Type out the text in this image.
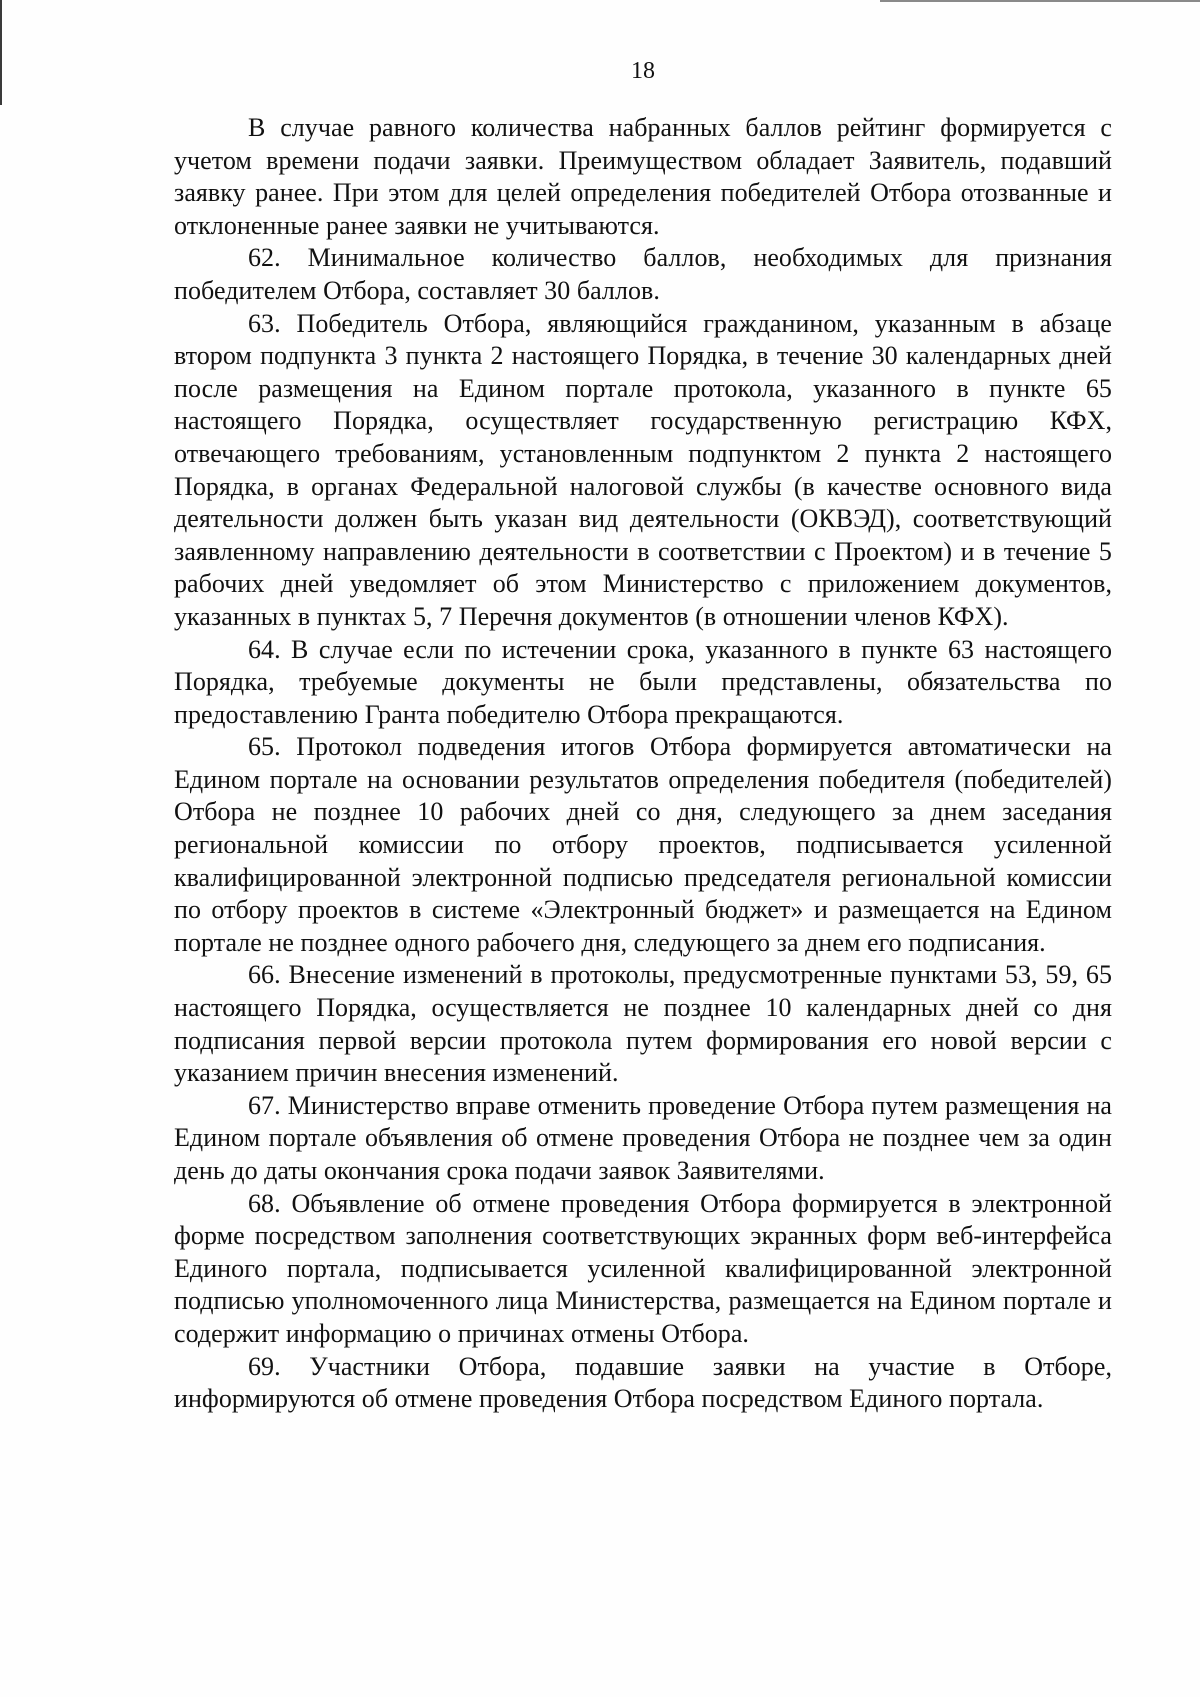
18

В случае равного количества набранных баллов рейтинг формируется с учетом времени подачи заявки. Преимуществом обладает Заявитель, подавший заявку ранее. При этом для целей определения победителей Отбора отозванные и отклоненные ранее заявки не учитываются.

62. Минимальное количество баллов, необходимых для признания победителем Отбора, составляет 30 баллов.

63. Победитель Отбора, являющийся гражданином, указанным в абзаце втором подпункта 3 пункта 2 настоящего Порядка, в течение 30 календарных дней после размещения на Едином портале протокола, указанного в пункте 65 настоящего Порядка, осуществляет государственную регистрацию КФХ, отвечающего требованиям, установленным подпунктом 2 пункта 2 настоящего Порядка, в органах Федеральной налоговой службы (в качестве основного вида деятельности должен быть указан вид деятельности (ОКВЭД), соответствующий заявленному направлению деятельности в соответствии с Проектом) и в течение 5 рабочих дней уведомляет об этом Министерство с приложением документов, указанных в пунктах 5, 7 Перечня документов (в отношении членов КФХ).

64. В случае если по истечении срока, указанного в пункте 63 настоящего Порядка, требуемые документы не были представлены, обязательства по предоставлению Гранта победителю Отбора прекращаются.

65. Протокол подведения итогов Отбора формируется автоматически на Едином портале на основании результатов определения победителя (победителей) Отбора не позднее 10 рабочих дней со дня, следующего за днем заседания региональной комиссии по отбору проектов, подписывается усиленной квалифицированной электронной подписью председателя региональной комиссии по отбору проектов в системе «Электронный бюджет» и размещается на Едином портале не позднее одного рабочего дня, следующего за днем его подписания.

66. Внесение изменений в протоколы, предусмотренные пунктами 53, 59, 65 настоящего Порядка, осуществляется не позднее 10 календарных дней со дня подписания первой версии протокола путем формирования его новой версии с указанием причин внесения изменений.

67. Министерство вправе отменить проведение Отбора путем размещения на Едином портале объявления об отмене проведения Отбора не позднее чем за один день до даты окончания срока подачи заявок Заявителями.

68. Объявление об отмене проведения Отбора формируется в электронной форме посредством заполнения соответствующих экранных форм веб-интерфейса Единого портала, подписывается усиленной квалифицированной электронной подписью уполномоченного лица Министерства, размещается на Едином портале и содержит информацию о причинах отмены Отбора.

69. Участники Отбора, подавшие заявки на участие в Отборе, информируются об отмене проведения Отбора посредством Единого портала.
